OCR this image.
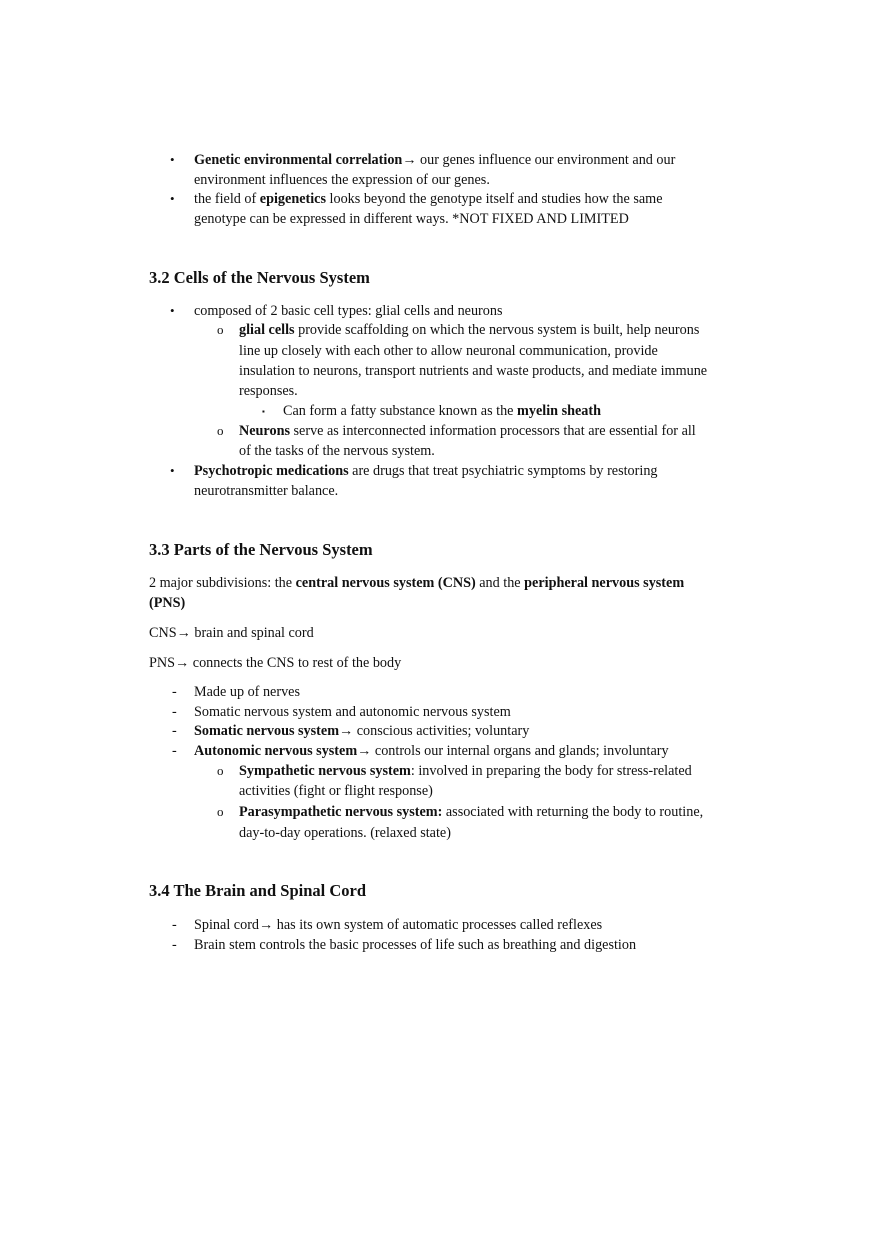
• Genetic environmental correlation→ our genes influence our environment and our
environment influences the expression of our genes.
• the field of epigenetics looks beyond the genotype itself and studies how the same
genotype can be expressed in different ways. *NOT FIXED AND LIMITED
3.2 Cells of the Nervous System
• composed of 2 basic cell types: glial cells and neurons
o glial cells provide scaffolding on which the nervous system is built, help neurons
line up closely with each other to allow neuronal communication, provide
insulation to neurons, transport nutrients and waste products, and mediate immune
responses.
▪ Can form a fatty substance known as the myelin sheath
o Neurons serve as interconnected information processors that are essential for all
of the tasks of the nervous system.
• Psychotropic medications are drugs that treat psychiatric symptoms by restoring
neurotransmitter balance.
3.3 Parts of the Nervous System
2 major subdivisions: the central nervous system (CNS) and the peripheral nervous system
(PNS)
CNS→ brain and spinal cord
PNS→ connects the CNS to rest of the body
- Made up of nerves
- Somatic nervous system and autonomic nervous system
- Somatic nervous system→ conscious activities; voluntary
- Autonomic nervous system→ controls our internal organs and glands; involuntary
o Sympathetic nervous system: involved in preparing the body for stress-related
activities (fight or flight response)
o Parasympathetic nervous system: associated with returning the body to routine,
day-to-day operations. (relaxed state)
3.4 The Brain and Spinal Cord
- Spinal cord→ has its own system of automatic processes called reflexes
- Brain stem controls the basic processes of life such as breathing and digestion
